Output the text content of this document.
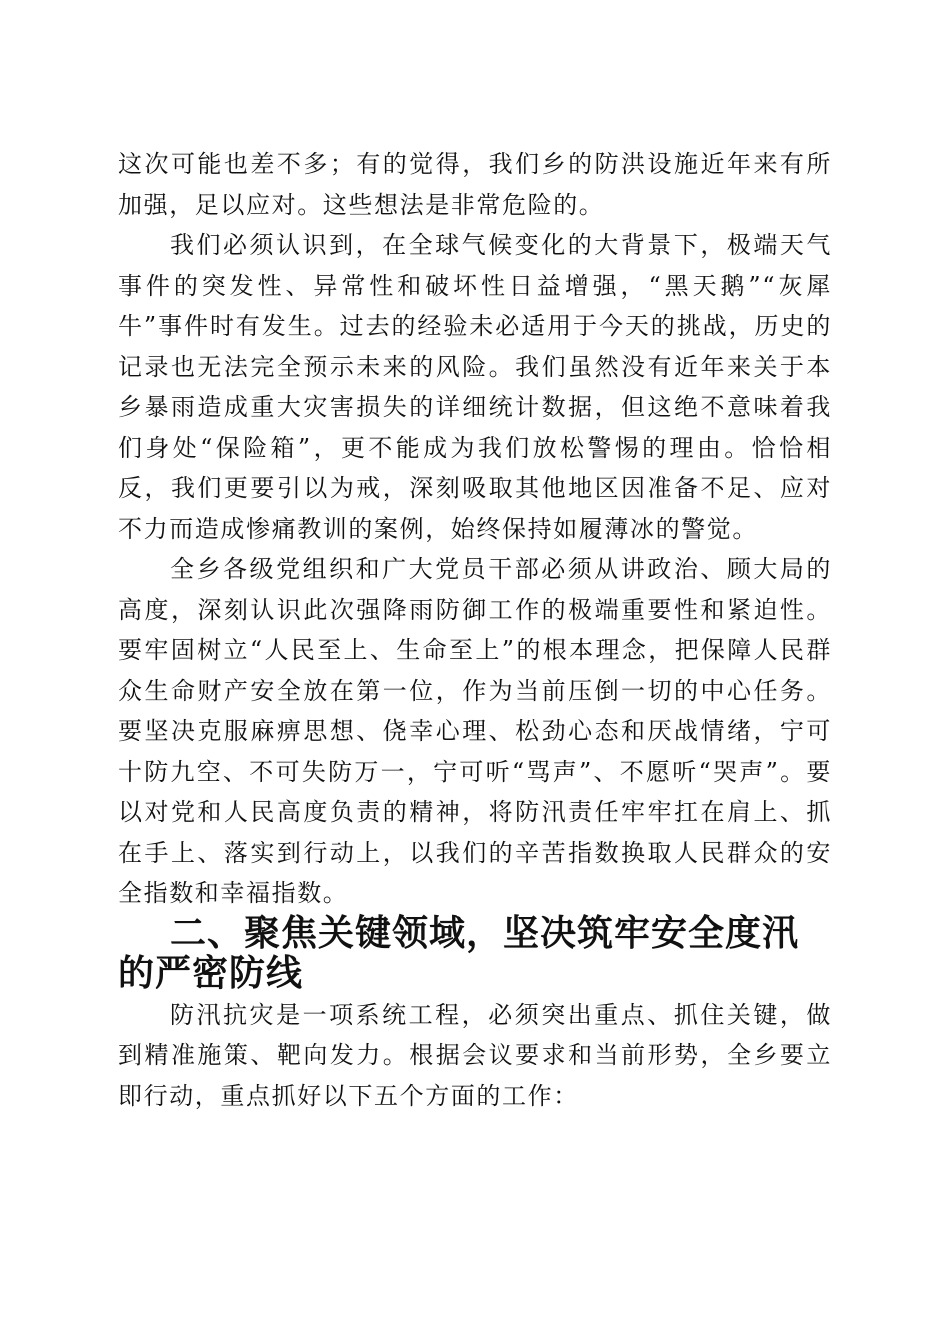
这次可能也差不多；有的觉得，我们乡的防洪设施近年来有所加强，足以应对。这些想法是非常危险的。

我们必须认识到，在全球气候变化的大背景下，极端天气事件的突发性、异常性和破坏性日益增强，“黑天鹅”“灰犀牛”事件时有发生。过去的经验未必适用于今天的挑战，历史的记录也无法完全预示未来的风险。我们虽然没有近年来关于本乡暴雨造成重大灾害损失的详细统计数据，但这绝不意味着我们身处“保险箱”，更不能成为我们放松警惕的理由。恰恰相反，我们更要引以为戒，深刻吸取其他地区因准备不足、应对不力而造成惨痛教训的案例，始终保持如履薄冰的警觉。

全乡各级党组织和广大党员干部必须从讲政治、顾大局的高度，深刻认识此次强降雨防御工作的极端重要性和紧迫性。要牢固树立“人民至上、生命至上”的根本理念，把保障人民群众生命财产安全放在第一位，作为当前压倒一切的中心任务。要坚决克服麻痹思想、侥幸心理、松劲心态和厌战情绪，宁可十防九空、不可失防万一，宁可听“骂声”、不愿听“哭声”。要以对党和人民高度负责的精神，将防汛责任牢牢扛在肩上、抓在手上、落实到行动上，以我们的辛苦指数换取人民群众的安全指数和幸福指数。

二、聚焦关键领域，坚决筑牢安全度汛的严密防线

防汛抗灾是一项系统工程，必须突出重点、抓住关键，做到精准施策、靶向发力。根据会议要求和当前形势，全乡要立即行动，重点抓好以下五个方面的工作：
